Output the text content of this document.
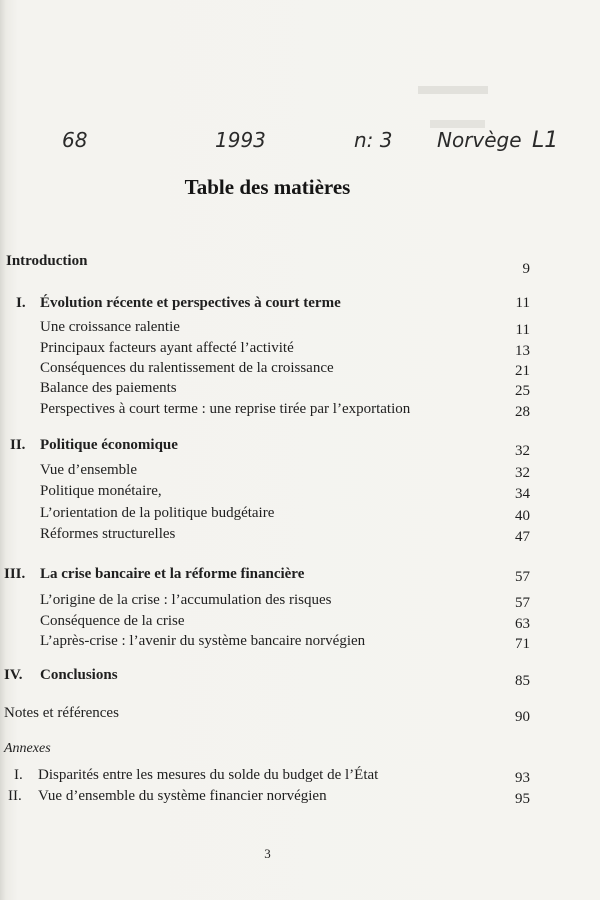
68	1993	n: 3 Norvège L1
Table des matières
Introduction	9
I. Évolution récente et perspectives à court terme	11
Une croissance ralentie	11
Principaux facteurs ayant affecté l’activité	13
Conséquences du ralentissement de la croissance	21
Balance des paiements	25
Perspectives à court terme : une reprise tirée par l’exportation	28
II. Politique économique	32
Vue d’ensemble	32
Politique monétaire,	34
L’orientation de la politique budgétaire	40
Réformes structurelles	47
III. La crise bancaire et la réforme financière	57
L’origine de la crise : l’accumulation des risques	57
Conséquence de la crise	63
L’après-crise : l’avenir du système bancaire norvégien	71
IV. Conclusions	85
Notes et références	90
Annexes
I. Disparités entre les mesures du solde du budget de l’État	93
II. Vue d’ensemble du système financier norvégien	95
3
